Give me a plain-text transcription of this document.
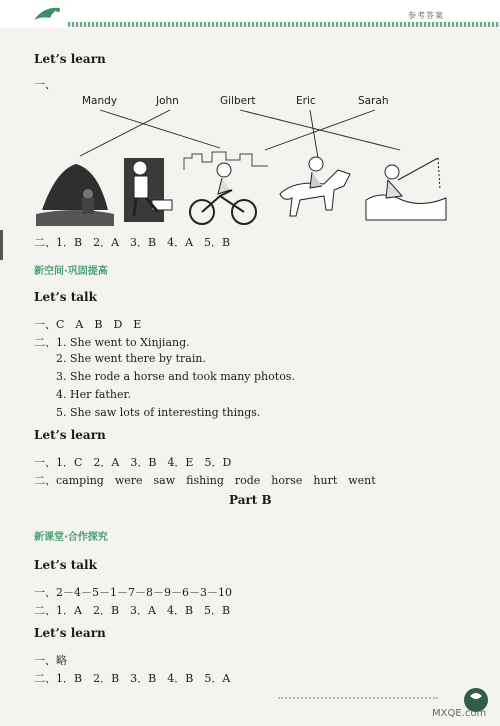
参考答案
Let’s learn
一、
Mandy	John	Gilbert	Eric	Sarah
二、1．B　2．A　3．B　4．A　5．B
新空间·巩固提高
Let’s talk
一、C　A　B　D　E
二、1. She went to Xinjiang.
2. She went there by train.
3. She rode a horse and took many photos.
4. Her father.
5. She saw lots of interesting things.
Let’s learn
一、1．C　2．A　3．B　4．E　5．D
二、camping　were　saw　fishing　rode　horse　hurt　went
Part B
新课堂·合作探究
Let’s talk
一、2－4－5－1－7－8－9－6－3－10
二、1．A　2．B　3．A　4．B　5．B
Let’s learn
一、略
二、1．B　2．B　3．B　4．B　5．A
MXQE.com
